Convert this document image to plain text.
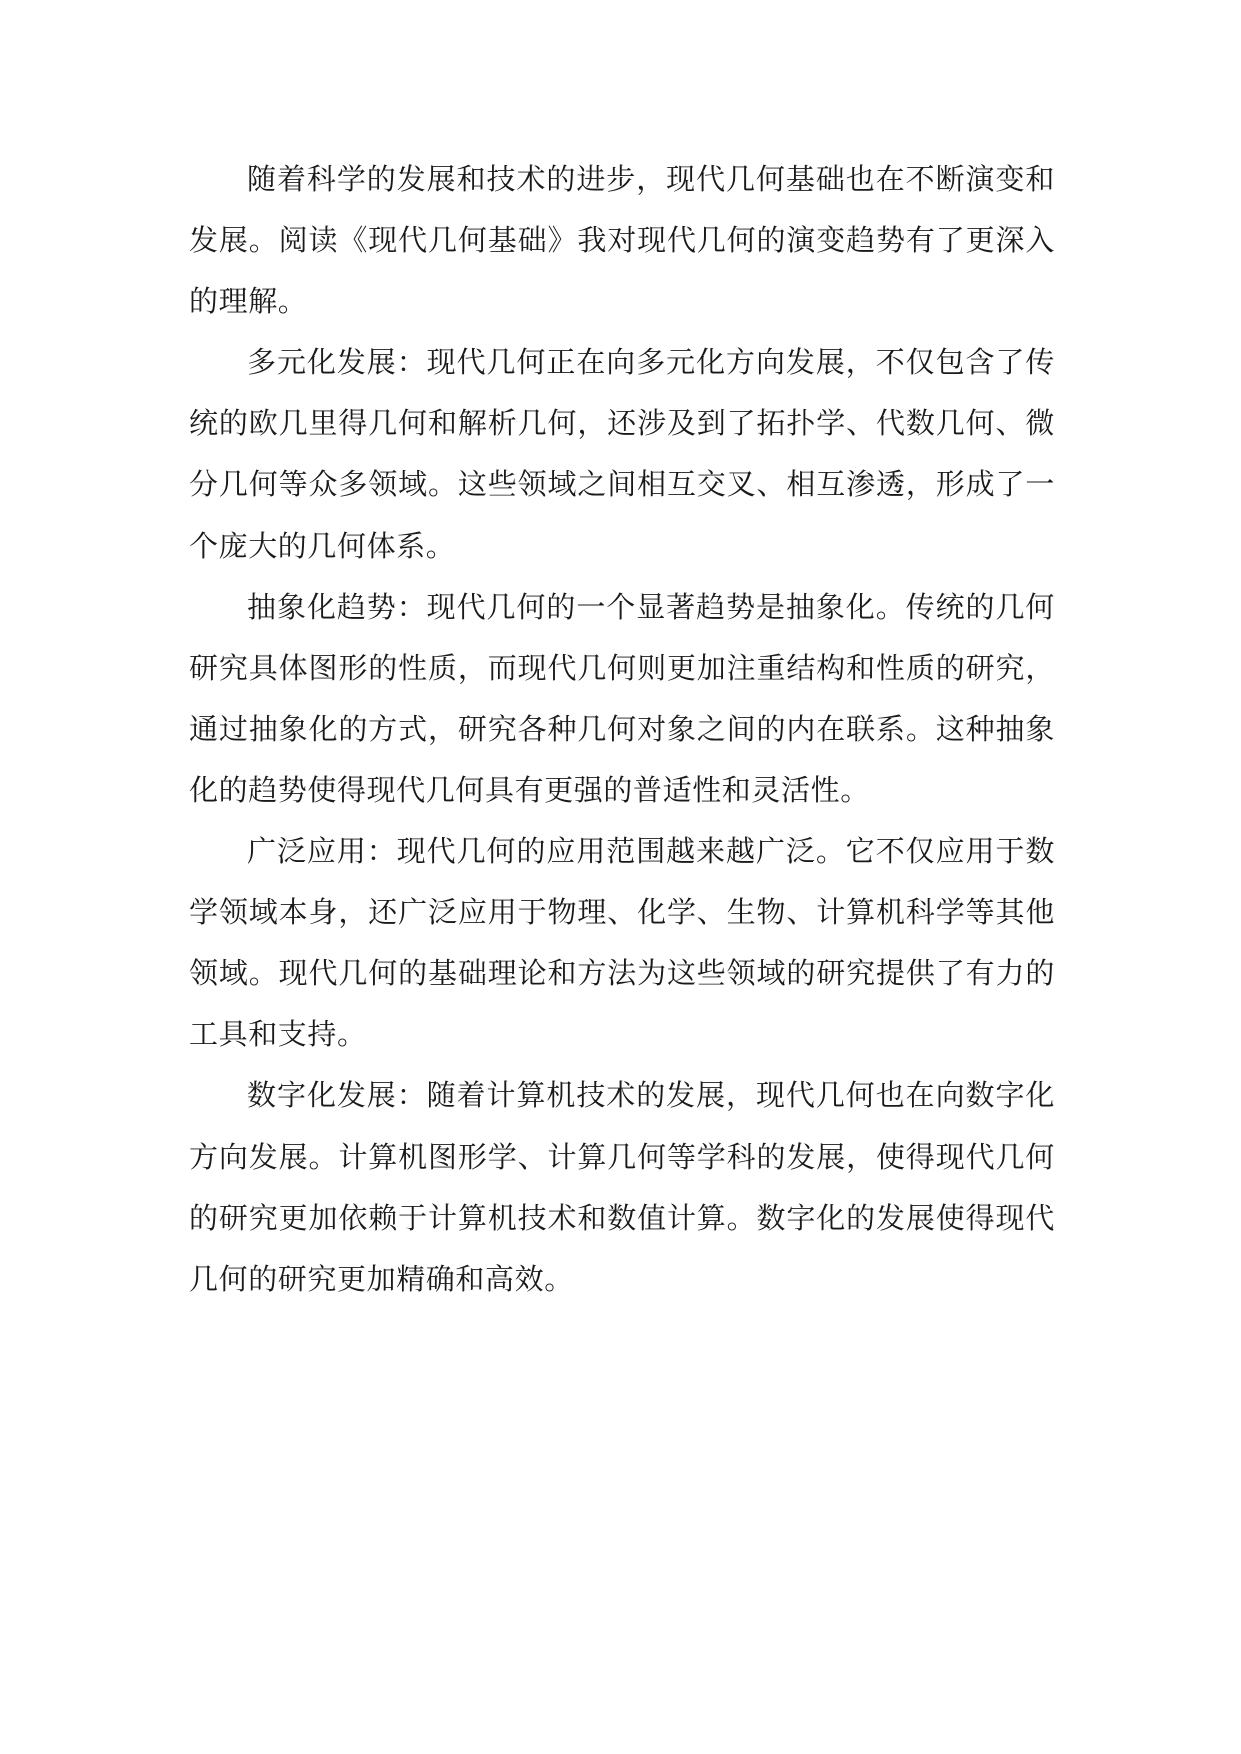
随着科学的发展和技术的进步，现代几何基础也在不断演变和发展。阅读《现代几何基础》我对现代几何的演变趋势有了更深入的理解。

多元化发展：现代几何正在向多元化方向发展，不仅包含了传统的欧几里得几何和解析几何，还涉及到了拓扑学、代数几何、微分几何等众多领域。这些领域之间相互交叉、相互渗透，形成了一个庞大的几何体系。

抽象化趋势：现代几何的一个显著趋势是抽象化。传统的几何研究具体图形的性质，而现代几何则更加注重结构和性质的研究，通过抽象化的方式，研究各种几何对象之间的内在联系。这种抽象化的趋势使得现代几何具有更强的普适性和灵活性。

广泛应用：现代几何的应用范围越来越广泛。它不仅应用于数学领域本身，还广泛应用于物理、化学、生物、计算机科学等其他领域。现代几何的基础理论和方法为这些领域的研究提供了有力的工具和支持。

数字化发展：随着计算机技术的发展，现代几何也在向数字化方向发展。计算机图形学、计算几何等学科的发展，使得现代几何的研究更加依赖于计算机技术和数值计算。数字化的发展使得现代几何的研究更加精确和高效。
